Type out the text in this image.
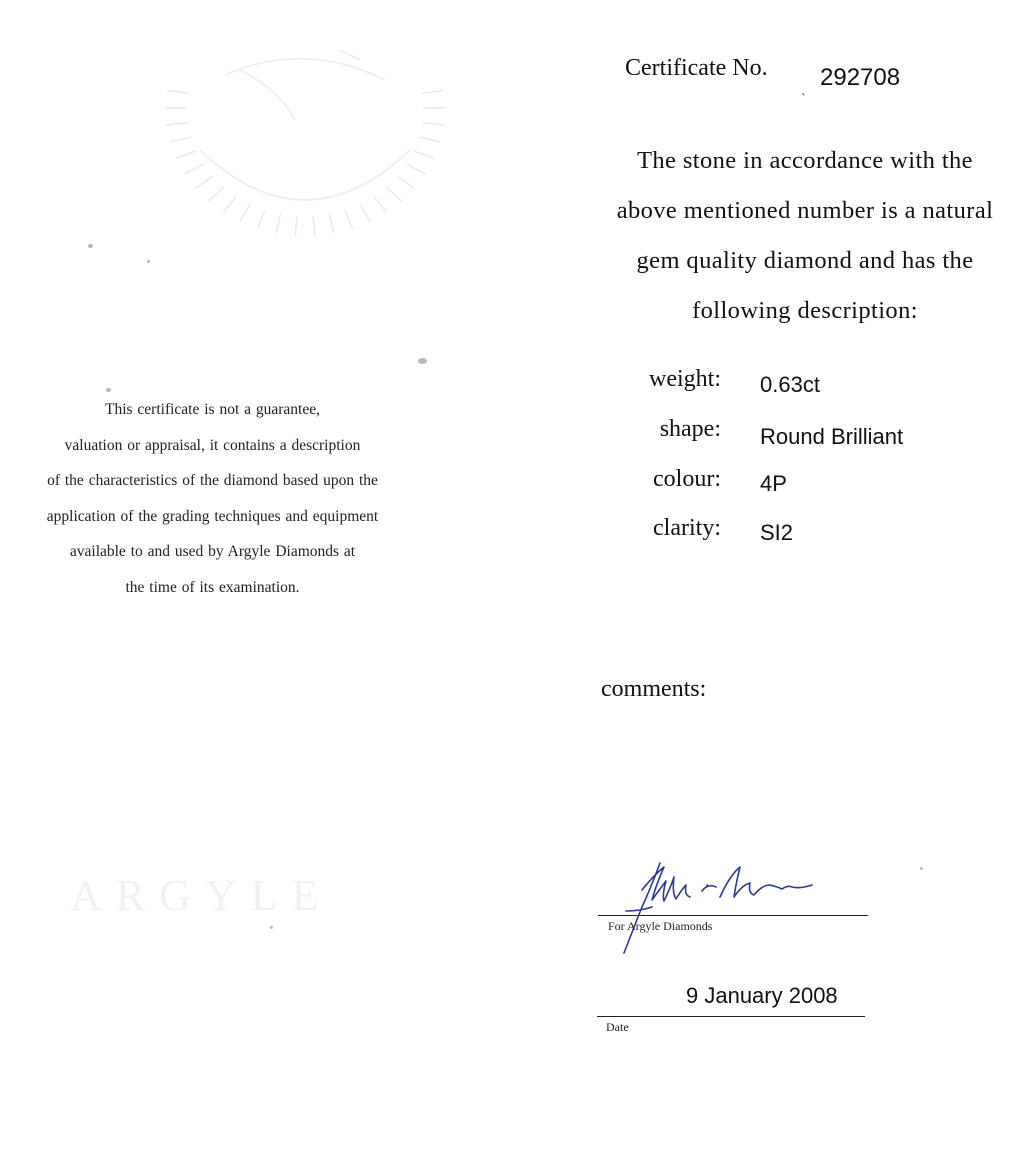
ARGYLE
This certificate is not a guarantee,
valuation or appraisal, it contains a description
of the characteristics of the diamond based upon the
application of the grading techniques and equipment
available to and used by Argyle Diamonds at
the time of its examination.
Certificate No. 292708
`
The stone in accordance with the
above mentioned number is a natural
gem quality diamond and has the
following description:
weight: 0.63ct
shape: Round Brilliant
colour: 4P
clarity: SI2
comments:
For Argyle Diamonds
9 January 2008
Date
